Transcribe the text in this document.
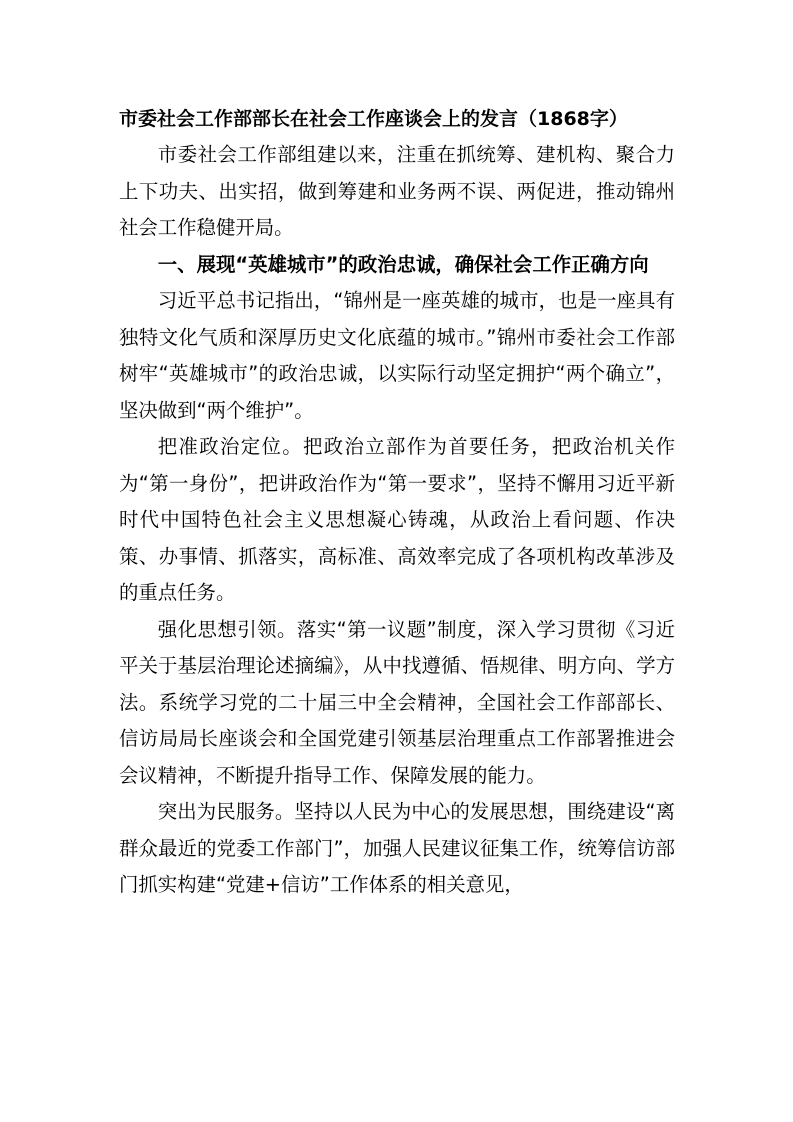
市委社会工作部部长在社会工作座谈会上的发言（1868字）

市委社会工作部组建以来，注重在抓统筹、建机构、聚合力上下功夫、出实招，做到筹建和业务两不误、两促进，推动锦州社会工作稳健开局。

一、展现“英雄城市”的政治忠诚，确保社会工作正确方向

习近平总书记指出，“锦州是一座英雄的城市，也是一座具有独特文化气质和深厚历史文化底蕴的城市。”锦州市委社会工作部树牢“英雄城市”的政治忠诚，以实际行动坚定拥护“两个确立”，坚决做到“两个维护”。

把准政治定位。把政治立部作为首要任务，把政治机关作为“第一身份”，把讲政治作为“第一要求”，坚持不懈用习近平新时代中国特色社会主义思想凝心铸魂，从政治上看问题、作决策、办事情、抓落实，高标准、高效率完成了各项机构改革涉及的重点任务。

强化思想引领。落实“第一议题”制度，深入学习贯彻《习近平关于基层治理论述摘编》，从中找遵循、悟规律、明方向、学方法。系统学习党的二十届三中全会精神，全国社会工作部部长、信访局局长座谈会和全国党建引领基层治理重点工作部署推进会会议精神，不断提升指导工作、保障发展的能力。

突出为民服务。坚持以人民为中心的发展思想，围绕建设“离群众最近的党委工作部门”，加强人民建议征集工作，统筹信访部门抓实构建“党建+信访”工作体系的相关意见，
